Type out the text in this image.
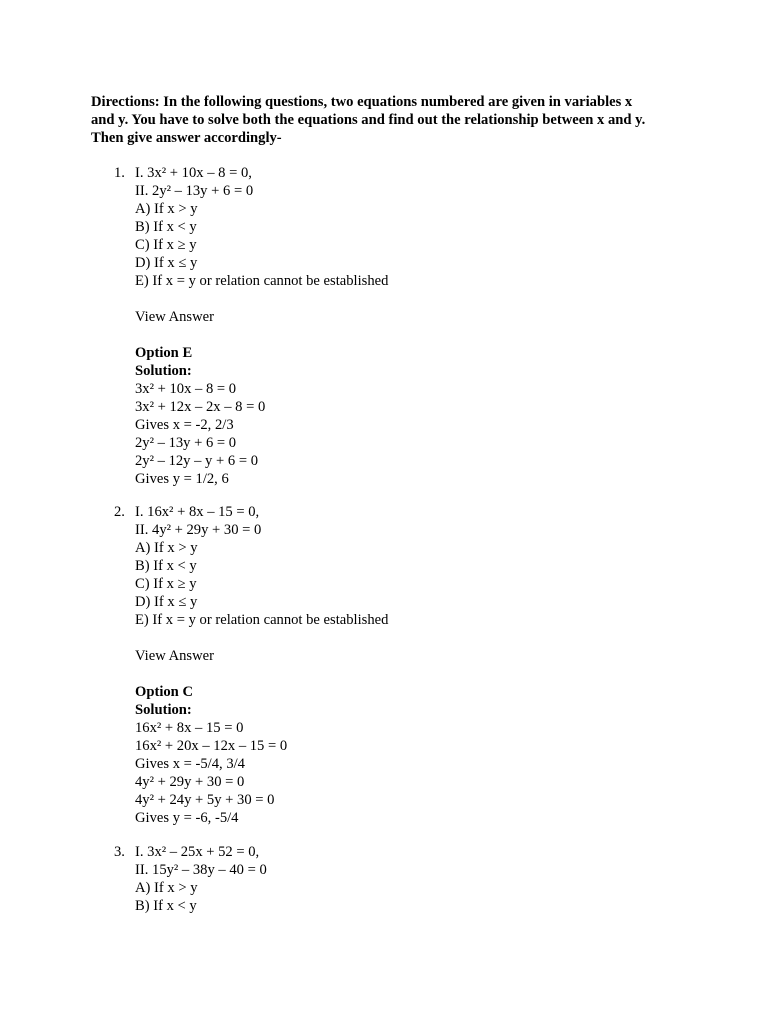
Directions: In the following questions, two equations numbered are given in variables x
and y. You have to solve both the equations and find out the relationship between x and y.
Then give answer accordingly-
1. I. 3x² + 10x – 8 = 0,
II. 2y² – 13y + 6 = 0
A) If x > y
B) If x < y
C) If x ≥ y
D) If x ≤ y
E) If x = y or relation cannot be established
View Answer
Option E
Solution:
3x² + 10x – 8 = 0
3x² + 12x – 2x – 8 = 0
Gives x = -2, 2/3
2y² – 13y + 6 = 0
2y² – 12y – y + 6 = 0
Gives y = 1/2, 6
2. I. 16x² + 8x – 15 = 0,
II. 4y² + 29y + 30 = 0
A) If x > y
B) If x < y
C) If x ≥ y
D) If x ≤ y
E) If x = y or relation cannot be established
View Answer
Option C
Solution:
16x² + 8x – 15 = 0
16x² + 20x – 12x – 15 = 0
Gives x = -5/4, 3/4
4y² + 29y + 30 = 0
4y² + 24y + 5y + 30 = 0
Gives y = -6, -5/4
3. I. 3x² – 25x + 52 = 0,
II. 15y² – 38y – 40 = 0
A) If x > y
B) If x < y
